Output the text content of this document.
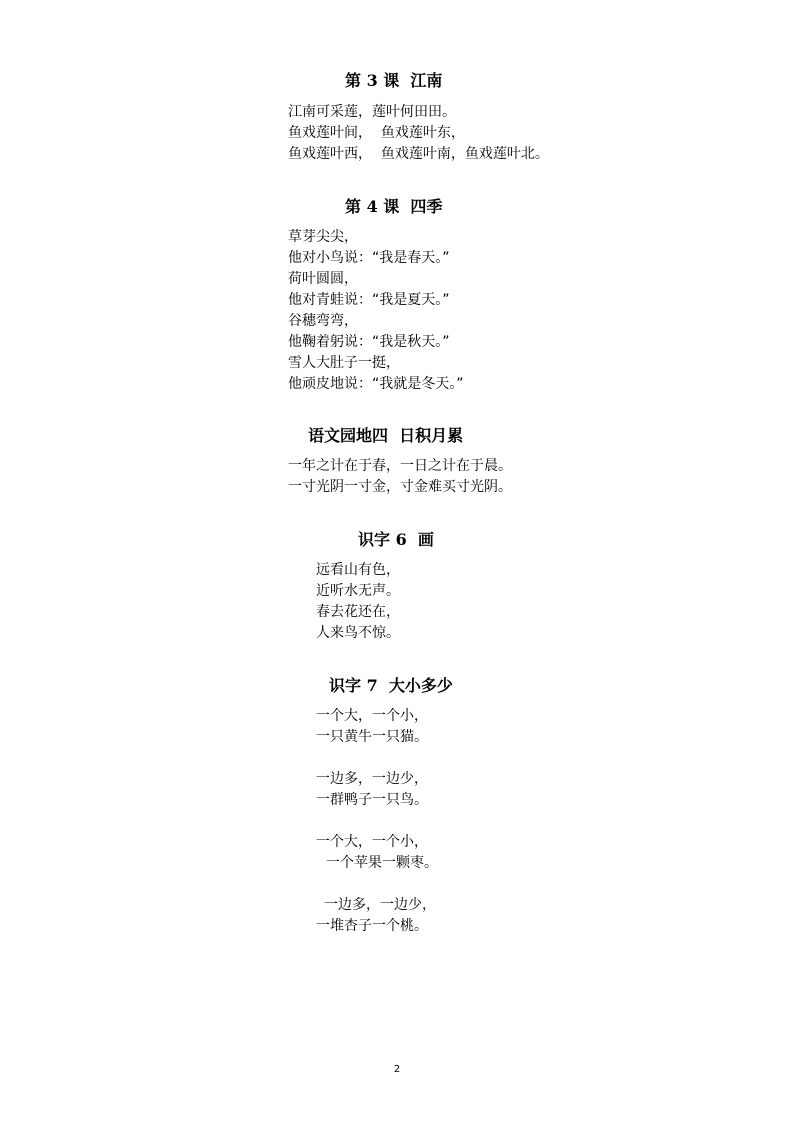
第 3 课  江南
江南可采莲，莲叶何田田。
鱼戏莲叶间，  鱼戏莲叶东，
鱼戏莲叶西，  鱼戏莲叶南，鱼戏莲叶北。
第 4 课  四季
草芽尖尖，
他对小鸟说：“我是春天。”
荷叶圆圆，
他对青蛙说：“我是夏天。”
谷穗弯弯，
他鞠着躬说：“我是秋天。”
雪人大肚子一挺，
他顽皮地说：“我就是冬天。”
语文园地四  日积月累
一年之计在于春，一日之计在于晨。
一寸光阴一寸金，寸金难买寸光阴。
识字 6  画
远看山有色，
近听水无声。
春去花还在，
人来鸟不惊。
识字 7  大小多少
一个大，一个小，
一只黄牛一只猫。
一边多，一边少，
一群鸭子一只鸟。
一个大，一个小，
一个苹果一颗枣。
一边多，一边少，
一堆杏子一个桃。
2
